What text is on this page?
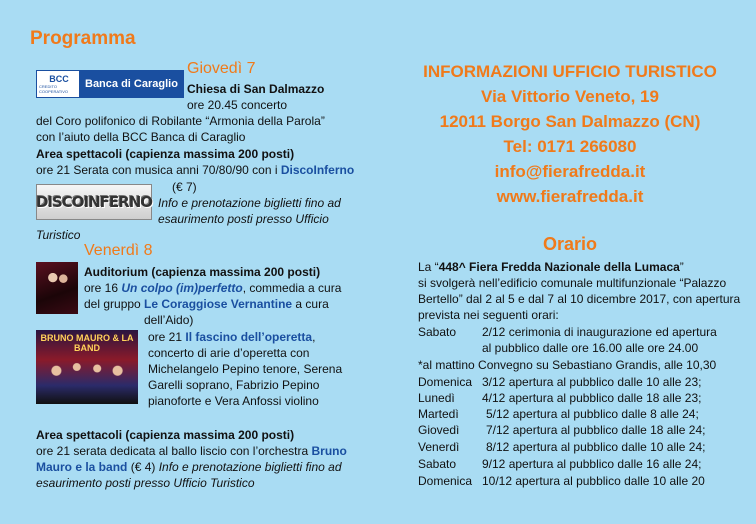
Programma
BCC
CREDITO COOPERATIVO
Banca di Caraglio
Giovedì 7
Chiesa di San Dalmazzo
ore 20.45 concerto
del Coro polifonico di Robilante “Armonia della Parola”
con l’aiuto della BCC Banca di Caraglio
Area spettacoli (capienza massima 200 posti)
ore 21 Serata con musica anni 70/80/90 con i DiscoInferno
DISCOINFERNO
(€ 7)
Info e prenotazione biglietti fino ad
esaurimento posti presso Ufficio
Turistico
Venerdì 8
Auditorium (capienza massima 200 posti)
ore 16 Un colpo (im)perfetto, commedia a cura
del gruppo Le Coraggiose Vernantine a cura
dell’Aido)
BRUNO MAURO & LA BAND
ore 21 Il fascino dell’operetta,
concerto di arie d’operetta con
Michelangelo Pepino tenore, Serena
Garelli soprano, Fabrizio Pepino
pianoforte e Vera Anfossi violino
Area spettacoli (capienza massima 200 posti)
ore 21 serata dedicata al ballo liscio con l’orchestra Bruno
Mauro e la band (€ 4) Info e prenotazione biglietti fino ad
esaurimento posti presso Ufficio Turistico
INFORMAZIONI UFFICIO TURISTICO
Via Vittorio Veneto, 19
12011 Borgo San Dalmazzo (CN)
Tel: 0171 266080
info@fierafredda.it
www.fierafredda.it
Orario
La “448^ Fiera Fredda Nazionale della Lumaca”
si svolgerà nell’edificio comunale multifunzionale “Palazzo
Bertello” dal 2 al 5 e dal 7 al 10 dicembre 2017, con apertura
prevista nei seguenti orari:
Sabato 2/12 cerimonia di inaugurazione ed apertura
al pubblico dalle ore 16.00 alle ore 24.00
*al mattino Convegno su Sebastiano Grandis, alle 10,30
Domenica 3/12 apertura al pubblico dalle 10 alle 23;
Lunedì 4/12 apertura al pubblico dalle 18 alle 23;
Martedì 5/12 apertura al pubblico dalle 8 alle 24;
Giovedì 7/12 apertura al pubblico dalle 18 alle 24;
Venerdì 8/12 apertura al pubblico dalle 10 alle 24;
Sabato 9/12 apertura al pubblico dalle 16 alle 24;
Domenica 10/12 apertura al pubblico dalle 10 alle 20
